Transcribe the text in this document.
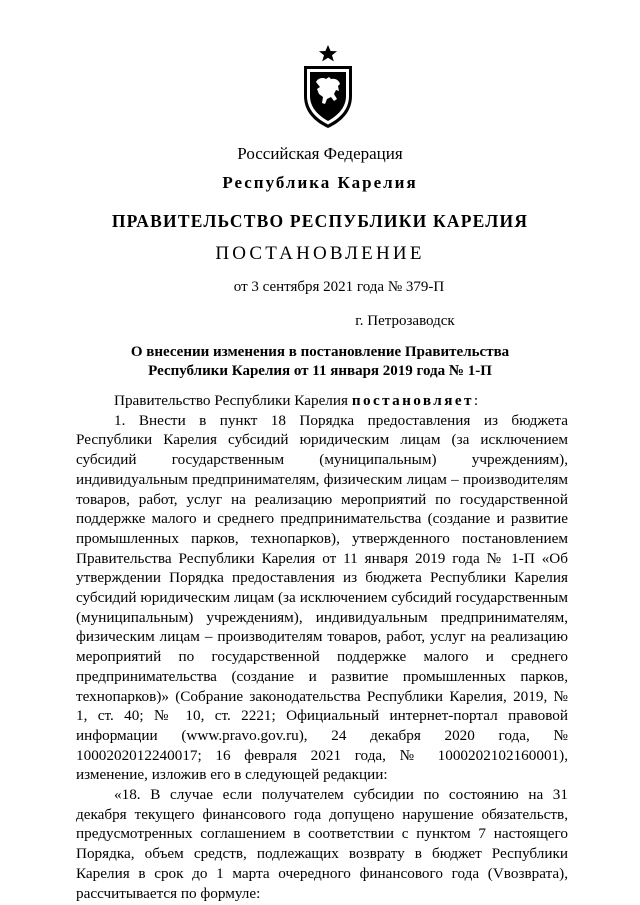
Российская Федерация
Республика Карелия
ПРАВИТЕЛЬСТВО РЕСПУБЛИКИ КАРЕЛИЯ
ПОСТАНОВЛЕНИЕ
от 3 сентября 2021 года № 379-П
г. Петрозаводск
О внесении изменения в постановление Правительства
Республики Карелия от 11 января 2019 года № 1-П

Правительство Республики Карелия постановляет:

1. Внести в пункт 18 Порядка предоставления из бюджета Республики Карелия субсидий юридическим лицам (за исключением субсидий государственным (муниципальным) учреждениям), индивидуальным предпринимателям, физическим лицам – производителям товаров, работ, услуг на реализацию мероприятий по государственной поддержке малого и среднего предпринимательства (создание и развитие промышленных парков, технопарков), утвержденного постановлением Правительства Республики Карелия от 11 января 2019 года № 1-П «Об утверждении Порядка предоставления из бюджета Республики Карелия субсидий юридическим лицам (за исключением субсидий государственным (муниципальным) учреждениям), индивидуальным предпринимателям, физическим лицам – производителям товаров, работ, услуг на реализацию мероприятий по государственной поддержке малого и среднего предпринимательства (создание и развитие промышленных парков, технопарков)» (Собрание законодательства Республики Карелия, 2019, № 1, ст. 40; № 10, ст. 2221; Официальный интернет-портал правовой информации (www.pravo.gov.ru), 24 декабря 2020 года, № 1000202012240017; 16 февраля 2021 года, № 1000202102160001), изменение, изложив его в следующей редакции:

«18. В случае если получателем субсидии по состоянию на 31 декабря текущего финансового года допущено нарушение обязательств, предусмотренных соглашением в соответствии с пунктом 7 настоящего Порядка, объем средств, подлежащих возврату в бюджет Республики Карелия в срок до 1 марта очередного финансового года (Vвозврата), рассчитывается по формуле:
